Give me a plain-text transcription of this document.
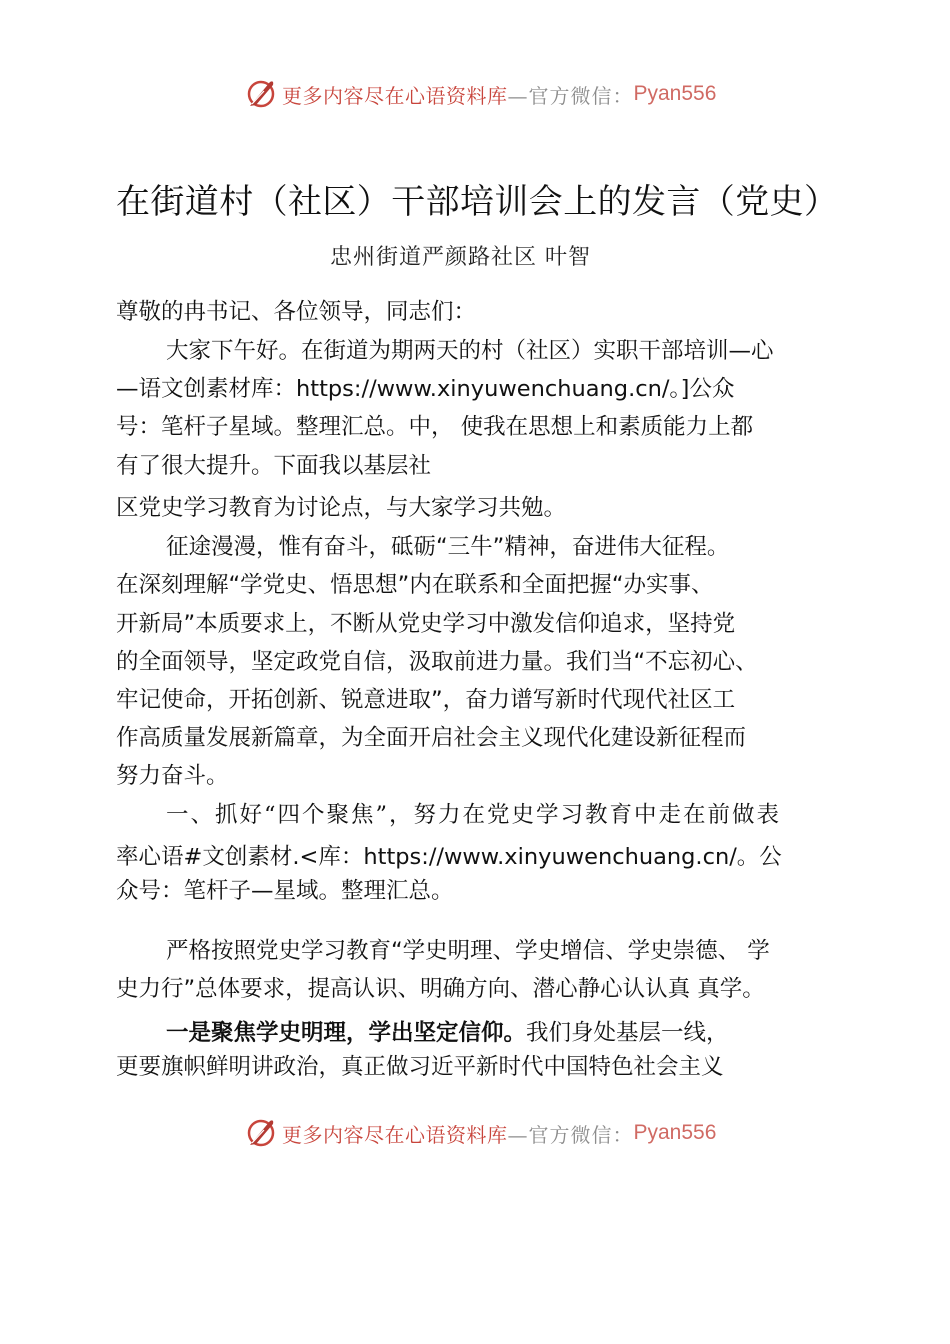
更多内容尽在心语资料库 —官方微信： Pyan556
在街道村（社区）干部培训会上的发言（党史）
忠州街道严颜路社区 叶智
尊敬的冉书记、各位领导，同志们：
大家下午好。在街道为期两天的村（社区）实职干部培训—心
—语文创素材库：https://www.xinyuwenchuang.cn/。]公众
号：笔杆子星域。整理汇总。中， 使我在思想上和素质能力上都
有了很大提升。下面我以基层社
区党史学习教育为讨论点，与大家学习共勉。
征途漫漫，惟有奋斗，砥砺“三牛”精神，奋进伟大征程。
在深刻理解“学党史、悟思想”内在联系和全面把握“办实事、
开新局”本质要求上，不断从党史学习中激发信仰追求，坚持党
的全面领导，坚定政党自信，汲取前进力量。我们当“不忘初心、
牢记使命，开拓创新、锐意进取”，奋力谱写新时代现代社区工
作高质量发展新篇章，为全面开启社会主义现代化建设新征程而
努力奋斗。
一、抓好“四个聚焦”，努力在党史学习教育中走在前做表
率心语#文创素材.<库：https://www.xinyuwenchuang.cn/。公
众号：笔杆子—星域。整理汇总。
严格按照党史学习教育“学史明理、学史增信、学史崇德、 学
史力行”总体要求，提高认识、明确方向、潜心静心认认真 真学。
一是聚焦学史明理，学出坚定信仰。我们身处基层一线，
更要旗帜鲜明讲政治，真正做习近平新时代中国特色社会主义
更多内容尽在心语资料库 —官方微信： Pyan556
